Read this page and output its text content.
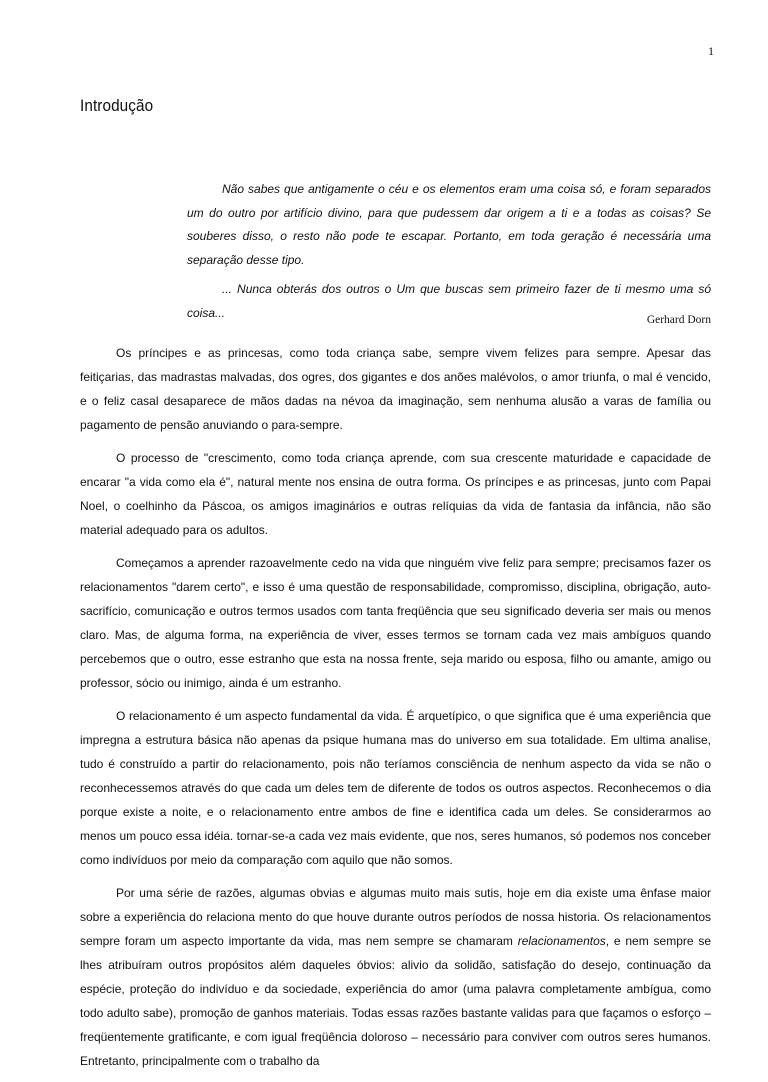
1
Introdução

Não sabes que antigamente o céu e os elementos eram uma coisa só, e foram separados um do outro por artifício divino, para que pudessem dar origem a ti e a todas as coisas? Se souberes disso, o resto não pode te escapar. Portanto, em toda geração é necessária uma separação desse tipo.

... Nunca obterás dos outros o Um que buscas sem primeiro fazer de ti mesmo uma só coisa...

Gerhard Dorn

Os príncipes e as princesas, como toda criança sabe, sempre vivem felizes para sempre. Apesar das feitiçarias, das madrastas malvadas, dos ogres, dos gigantes e dos anões malévolos, o amor triunfa, o mal é vencido, e o feliz casal desaparece de mãos dadas na névoa da imaginação, sem nenhuma alusão a varas de família ou pagamento de pensão anuviando o para-sempre.

O processo de "crescimento, como toda criança aprende, com sua crescente maturidade e capacidade de encarar "a vida como ela é", natural mente nos ensina de outra forma. Os príncipes e as princesas, junto com Papai Noel, o coelhinho da Páscoa, os amigos imaginários e outras relíquias da vida de fantasia da infância, não são material adequado para os adultos.

Começamos a aprender razoavelmente cedo na vida que ninguém vive feliz para sempre; precisamos fazer os relacionamentos "darem certo", e isso é uma questão de responsabilidade, compromisso, disciplina, obrigação, auto-sacrifício, comunicação e outros termos usados com tanta freqüência que seu significado deveria ser mais ou menos claro. Mas, de alguma forma, na experiência de viver, esses termos se tornam cada vez mais ambíguos quando percebemos que o outro, esse estranho que esta na nossa frente, seja marido ou esposa, filho ou amante, amigo ou professor, sócio ou inimigo, ainda é um estranho.

O relacionamento é um aspecto fundamental da vida. É arquetípico, o que significa que é uma experiência que impregna a estrutura básica não apenas da psique humana mas do universo em sua totalidade. Em ultima analise, tudo é construído a partir do relacionamento, pois não teríamos consciência de nenhum aspecto da vida se não o reconhecessemos através do que cada um deles tem de diferente de todos os outros aspectos. Reconhecemos o dia porque existe a noite, e o relacionamento entre ambos de fine e identifica cada um deles. Se considerarmos ao menos um pouco essa idéia. tornar-se-a cada vez mais evidente, que nos, seres humanos, só podemos nos conceber como indivíduos por meio da comparação com aquilo que não somos.

Por uma série de razões, algumas obvias e algumas muito mais sutis, hoje em dia existe uma ênfase maior sobre a experiência do relaciona mento do que houve durante outros períodos de nossa historia. Os relacionamentos sempre foram um aspecto importante da vida, mas nem sempre se chamaram relacionamentos, e nem sempre se lhes atribuíram outros propósitos além daqueles óbvios: alivio da solidão, satisfação do desejo, continuação da espécie, proteção do indivíduo e da sociedade, experiência do amor (uma palavra completamente ambígua, como todo adulto sabe), promoção de ganhos materiais. Todas essas razões bastante validas para que façamos o esforço – freqüentemente gratificante, e com igual freqüência doloroso – necessário para conviver com outros seres humanos. Entretanto, principalmente com o trabalho da
